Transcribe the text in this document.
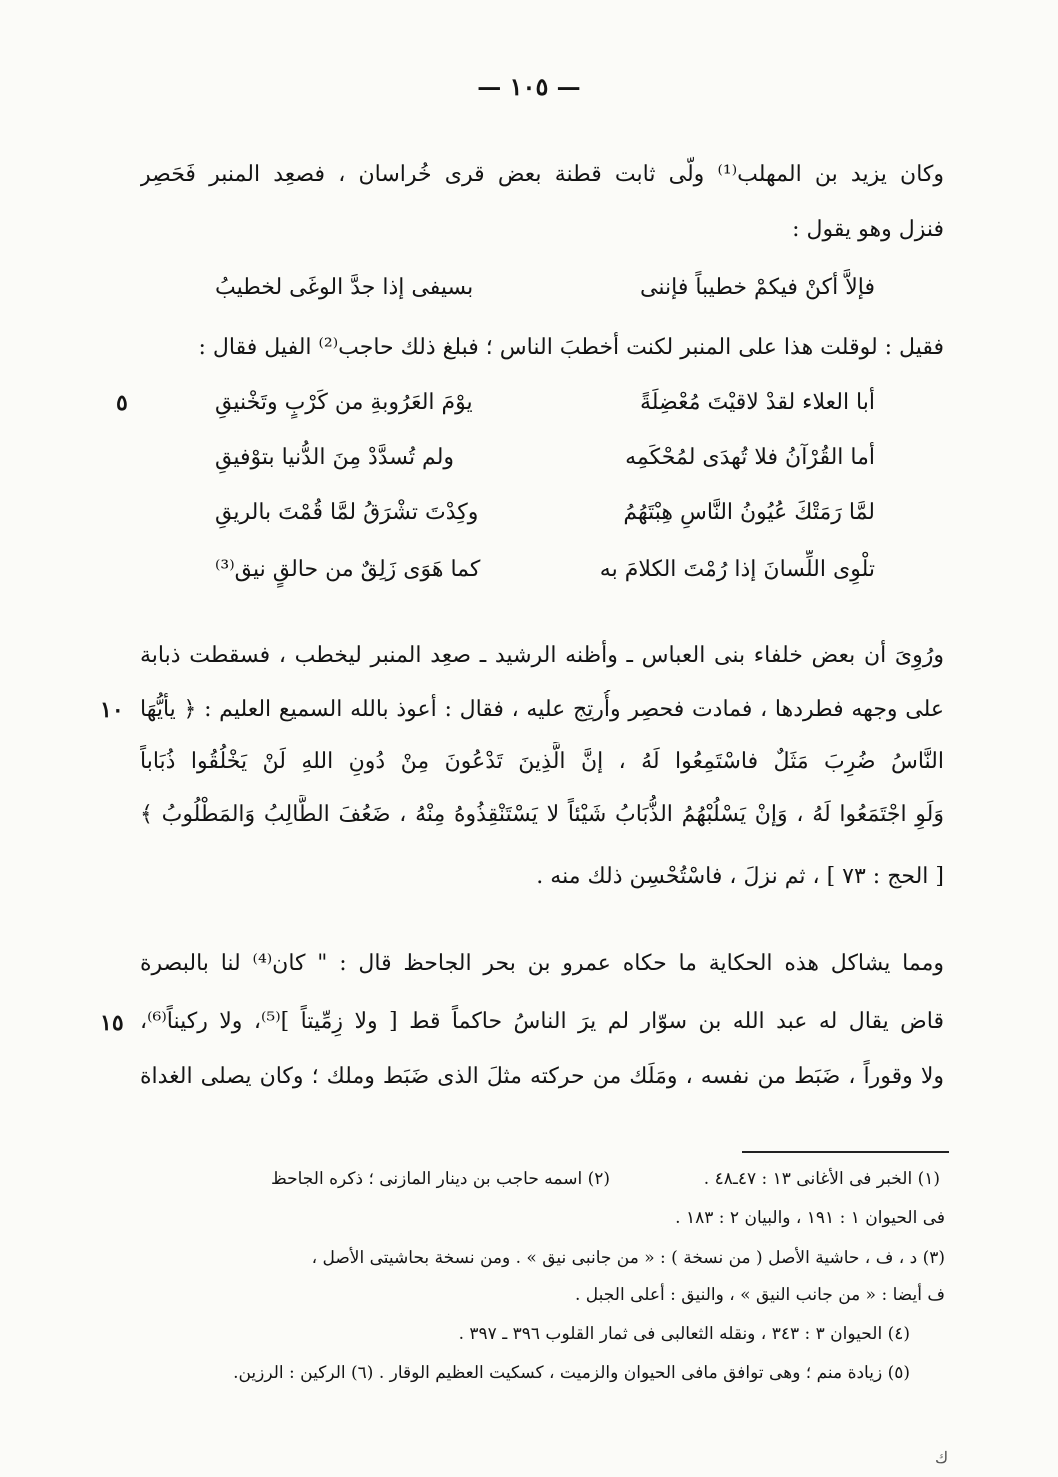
— ١٠٥ —
وكان يزيد بن المهلب⁽¹⁾ ولّى ثابت قطنة بعض قرى خُراسان ، فصعِد المنبر فَحَصِر
فنزل وهو يقول :
فإلاَّ أكنْ فيكمْ خطيباً فإننى
بسيفى إذا جدَّ الوغَى لخطيبُ
فقيل : لوقلت هذا على المنبر لكنت أخطبَ الناس ؛ فبلغ ذلك حاجب⁽²⁾ الفيل فقال :
أبا العلاء لقدْ لاقيْتَ مُعْضِلَةً
يوْمَ العَرُوبةِ من كَرْبٍ وتَخْنيقِ
٥
أما القُرْآنُ فلا تُهدَى لمُحْكَمِه
ولم تُسدَّدْ مِنَ الدُّنيا بتوْفيقِ
لمَّا رَمَتْكَ عُيُونُ النَّاسِ هِبْتَهُمُ
وكِدْتَ تشْرَقُ لمَّا قُمْتَ بالريقِ
تلْوِى اللِّسانَ إذا رُمْتَ الكلامَ به
كما هَوَى زَلِقٌ من حالقٍ نيق⁽³⁾
ورُوِىَ أن بعض خلفاء بنى العباس ـ وأظنه الرشيد ـ صعِد المنبر ليخطب ، فسقطت ذبابة
على وجهه فطردها ، فمادت فحصِر وأُرتِج عليه ، فقال : أعوذ بالله السميع العليم : ﴿ يأيُّهَا
١٠
النَّاسُ ضُرِبَ مَثَلٌ فاسْتَمِعُوا لَهُ ، إنَّ الَّذِينَ تَدْعُونَ مِنْ دُونِ اللهِ لَنْ يَخْلُقُوا ذُبَاباً
وَلَوِ اجْتَمَعُوا لَهُ ، وَإنْ يَسْلُبْهُمُ الذُّبَابُ شَيْئاً لا يَسْتَنْقِذُوهُ مِنْهُ ، ضَعُفَ الطَّالِبُ وَالمَطْلُوبُ ﴾
[ الحج : ٧٣ ] ، ثم نزلَ ، فاسْتُحْسِن ذلك منه .
ومما يشاكل هذه الحكاية ما حكاه عمرو بن بحر الجاحظ قال : " كان⁽⁴⁾ لنا بالبصرة
قاض يقال له عبد الله بن سوّار لم يرَ الناسُ حاكماً قط [ ولا زِمِّيتاً ]⁽⁵⁾، ولا ركيناً⁽⁶⁾،
١٥
ولا وقوراً ، ضَبَط من نفسه ، ومَلَك من حركته مثلَ الذى ضَبَط وملك ؛ وكان يصلى الغداة
(١) الخبر فى الأغانى ١٣ : ٤٧ـ٤٨ .
(٢) اسمه حاجب بن دينار المازنى ؛ ذكره الجاحظ
فى الحيوان ١ : ١٩١ ، والبيان ٢ : ١٨٣ .
(٣) د ، ف ، حاشية الأصل ( من نسخة ) : « من جانبى نيق » . ومن نسخة بحاشيتى الأصل ،
ف أيضا : « من جانب النيق » ، والنيق : أعلى الجبل .
(٤) الحيوان ٣ : ٣٤٣ ، ونقله الثعالبى فى ثمار القلوب ٣٩٦ ـ ٣٩٧ .
(٥) زيادة منم ؛ وهى توافق مافى الحيوان والزميت ، كسكيت العظيم الوقار . (٦) الركين : الرزين.
ﻙ
